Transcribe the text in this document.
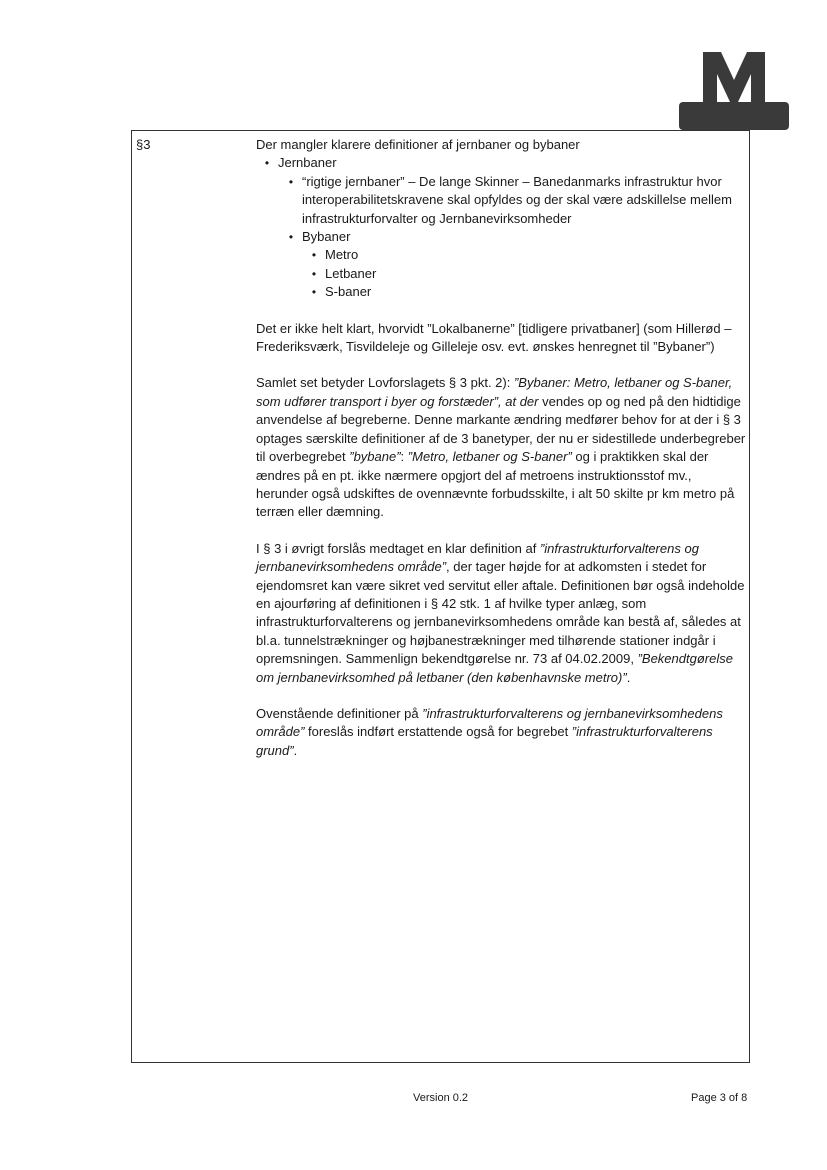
§3	Der mangler klarere definitioner af jernbaner og bybaner

• Jernbaner
• “rigtige jernbaner” – De lange Skinner – Banedanmarks infrastruktur hvor interoperabilitetskravene skal opfyldes og der skal være adskillelse mellem infrastrukturforvalter og Jernbanevirksomheder
• Bybaner
• Metro
• Letbaner
• S-baner

Det er ikke helt klart, hvorvidt ”Lokalbanerne” [tidligere privatbaner] (som Hillerød – Frederiksværk, Tisvildeleje og Gilleleje osv. evt. ønskes henregnet til ”Bybaner”)

Samlet set betyder Lovforslagets § 3 pkt. 2): ”Bybaner: Metro, letbaner og S-baner, som udfører transport i byer og forstæder”, at der vendes op og ned på den hidtidige anvendelse af begreberne. Denne markante ændring medfører behov for at der i § 3 optages særskilte definitioner af de 3 banetyper, der nu er sidestillede underbegreber til overbegrebet ”bybane”: ”Metro, letbaner og S-baner” og i praktikken skal der ændres på en pt. ikke nærmere opgjort del af metroens instruktionsstof mv., herunder også udskiftes de ovennævnte forbudsskilte, i alt 50 skilte pr km metro på terræn eller dæmning.

I § 3 i øvrigt forslås medtaget en klar definition af ”infrastrukturforvalterens og jernbanevirksomhedens område”, der tager højde for at adkomsten i stedet for ejendomsret kan være sikret ved servitut eller aftale. Definitionen bør også indeholde en ajourføring af definitionen i § 42 stk. 1 af hvilke typer anlæg, som infrastrukturforvalterens og jernbanevirksomhedens område kan bestå af, således at bl.a. tunnelstrækninger og højbanestrækninger med tilhørende stationer indgår i opremsningen. Sammenlign bekendtgørelse nr. 73 af 04.02.2009, ”Bekendtgørelse om jernbanevirksomhed på letbaner (den københavnske metro)”.

Ovenstående definitioner på ”infrastrukturforvalterens og jernbanevirksomhedens område” foreslås indført erstattende også for begrebet ”infrastrukturforvalterens grund”.

Version 0.2	Page 3 of 8
